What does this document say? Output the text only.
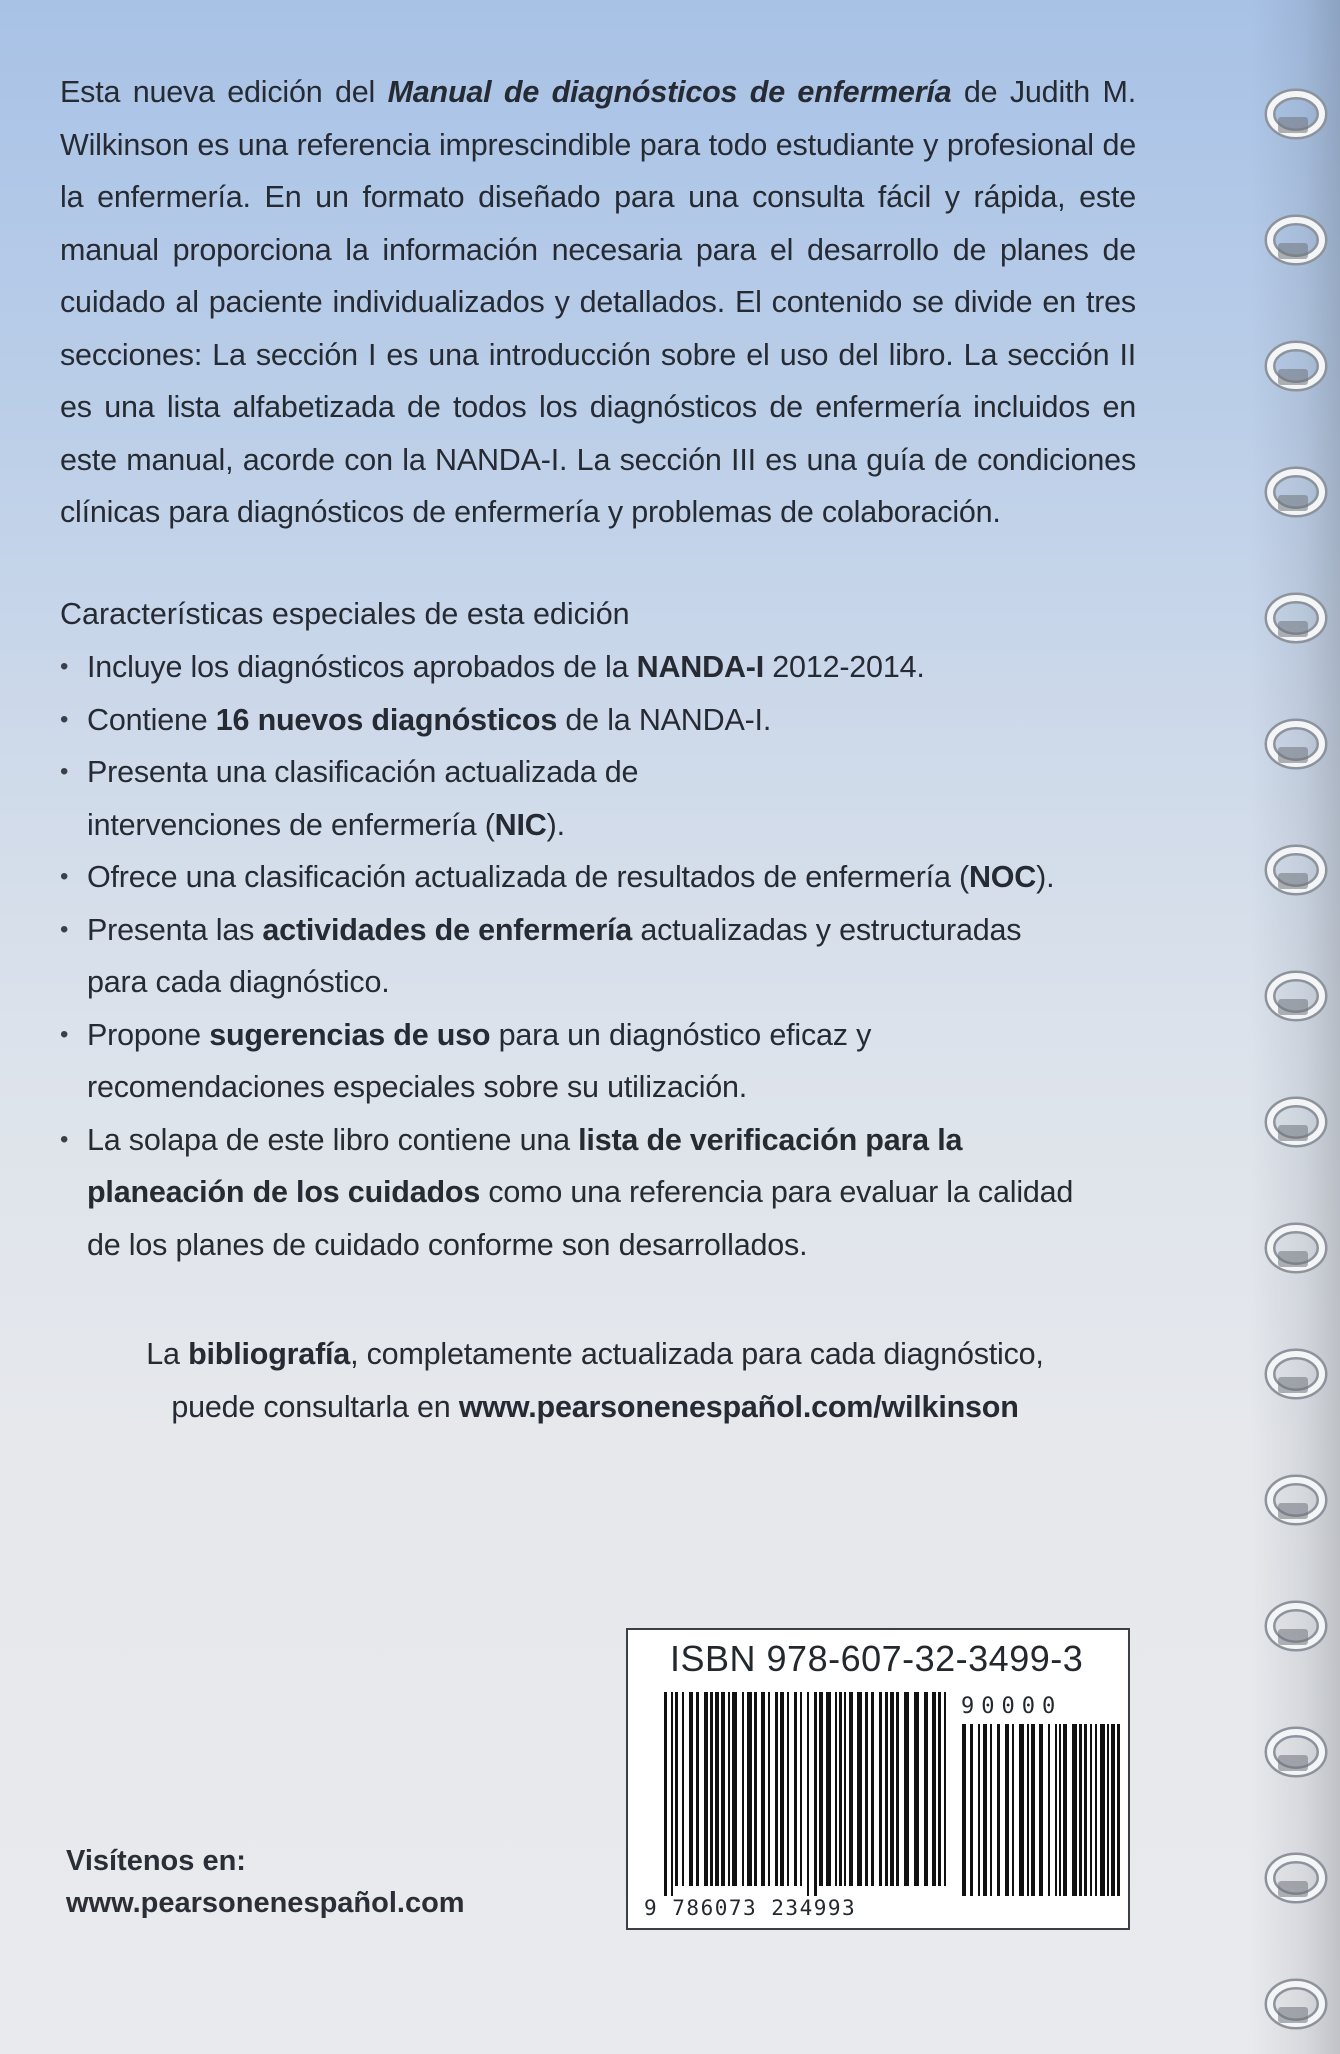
Esta nueva edición del Manual de diagnósticos de enfermería de Judith M. Wilkinson es una referencia imprescindible para todo estudiante y profesional de la enfermería. En un formato diseñado para una consulta fácil y rápida, este manual proporciona la información necesaria para el desarrollo de planes de cuidado al paciente individualizados y detallados. El contenido se divide en tres secciones: La sección I es una introducción sobre el uso del libro. La sección II es una lista alfabetizada de todos los diagnósticos de enfermería incluidos en este manual, acorde con la NANDA-I. La sección III es una guía de condiciones clínicas para diagnósticos de enfermería y problemas de colaboración.

Características especiales de esta edición
• Incluye los diagnósticos aprobados de la NANDA-I 2012-2014.
• Contiene 16 nuevos diagnósticos de la NANDA-I.
• Presenta una clasificación actualizada de intervenciones de enfermería (NIC).
• Ofrece una clasificación actualizada de resultados de enfermería (NOC).
• Presenta las actividades de enfermería actualizadas y estructuradas para cada diagnóstico.
• Propone sugerencias de uso para un diagnóstico eficaz y recomendaciones especiales sobre su utilización.
• La solapa de este libro contiene una lista de verificación para la planeación de los cuidados como una referencia para evaluar la calidad de los planes de cuidado conforme son desarrollados.
La bibliografía, completamente actualizada para cada diagnóstico,
puede consultarla en www.pearsonenespañol.com/wilkinson
Visítenos en:
www.pearsonenespañol.com
ISBN 978-607-32-3499-3
90000
9 786073 234993
